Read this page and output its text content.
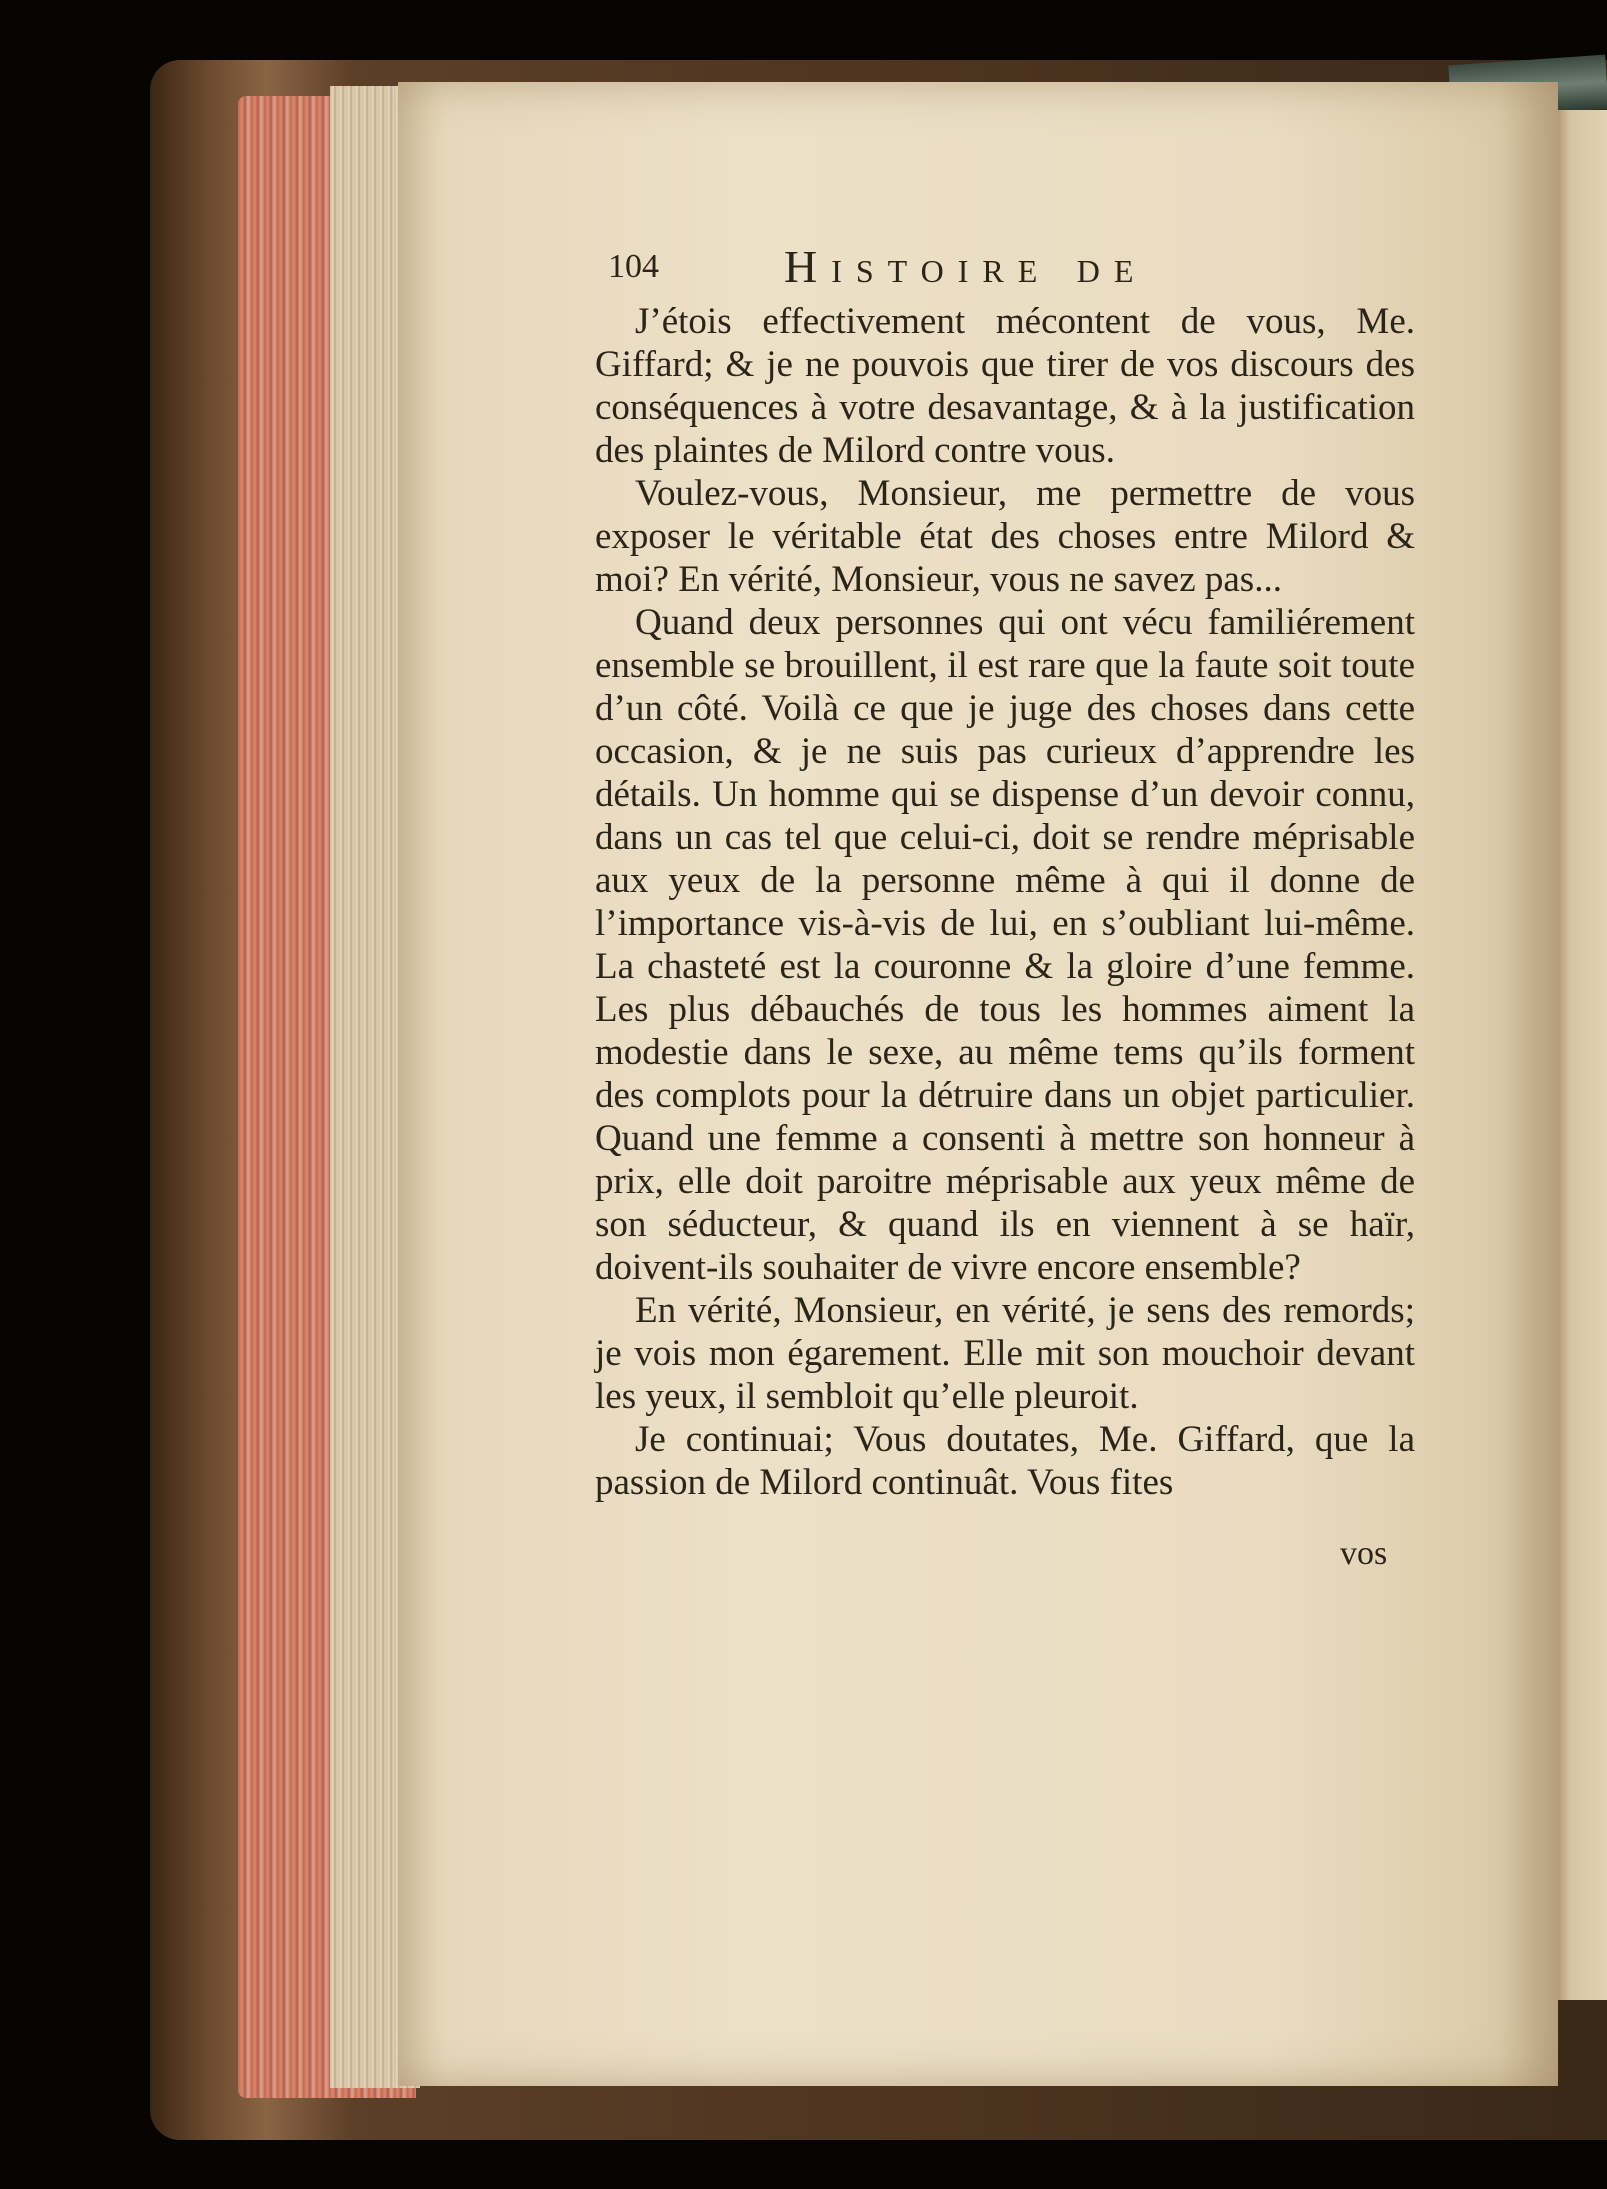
104	Histoire de

J’étois effectivement mécontent de vous, Me. Giffard; & je ne pouvois que tirer de vos discours des conséquences à votre desavantage, & à la justification des plaintes de Milord contre vous.

Voulez-vous, Monsieur, me permettre de vous exposer le véritable état des choses entre Milord & moi? En vérité, Monsieur, vous ne savez pas...

Quand deux personnes qui ont vécu familiérement ensemble se brouillent, il est rare que la faute soit toute d’un côté. Voilà ce que je juge des choses dans cette occasion, & je ne suis pas curieux d’apprendre les détails. Un homme qui se dispense d’un devoir connu, dans un cas tel que celui-ci, doit se rendre méprisable aux yeux de la personne même à qui il donne de l’importance vis-à-vis de lui, en s’oubliant lui-même. La chasteté est la couronne & la gloire d’une femme. Les plus débauchés de tous les hommes aiment la modestie dans le sexe, au même tems qu’ils forment des complots pour la détruire dans un objet particulier. Quand une femme a consenti à mettre son honneur à prix, elle doit paroitre méprisable aux yeux même de son séducteur, & quand ils en viennent à se haïr, doivent-ils souhaiter de vivre encore ensemble?

En vérité, Monsieur, en vérité, je sens des remords; je vois mon égarement. Elle mit son mouchoir devant les yeux, il sembloit qu’elle pleuroit.

Je continuai; Vous doutates, Me. Giffard, que la passion de Milord continuât. Vous fites

vos
